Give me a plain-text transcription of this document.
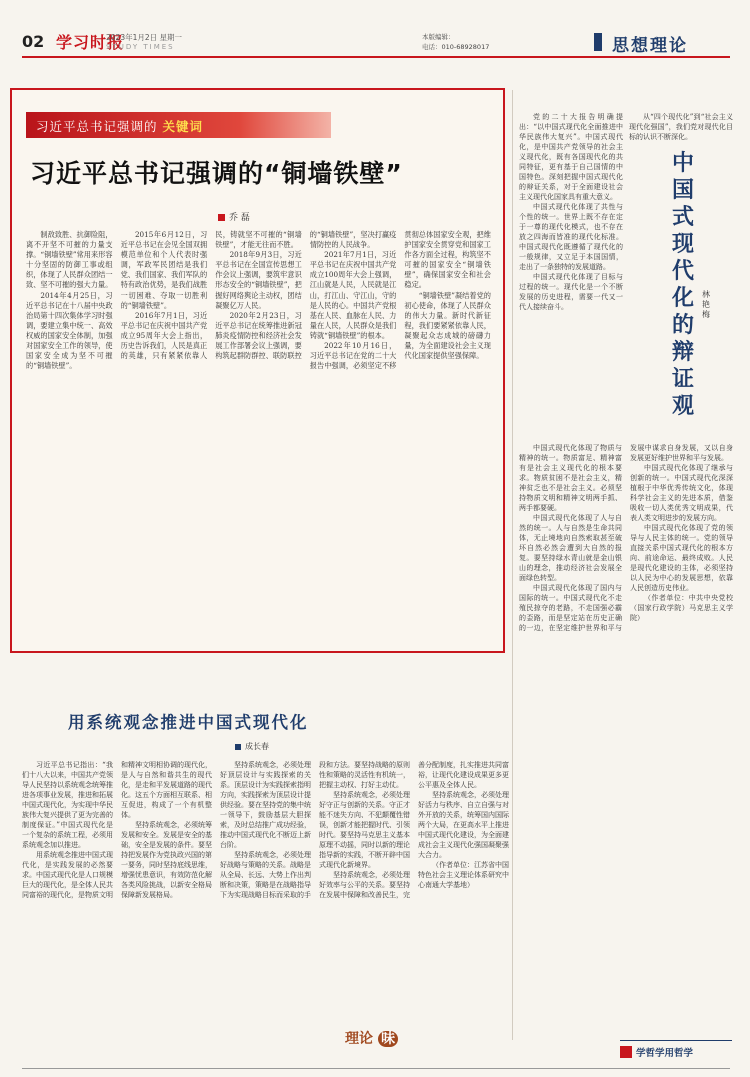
02 学习时报
2023年1月2日 星期一
STUDY TIMES
本版编辑：
电话：010-68928017	思想理论
习近平总书记强调的 关键词
习近平总书记强调的“铜墙铁壁”
乔 磊

制敌致胜、抗御险阻，离不开坚不可摧的力量支撑。“铜墙铁壁”常用来形容十分坚固的防御工事或组织，体现了人民群众团结一致、坚不可摧的强大力量。

2014年4月25日，习近平总书记在十八届中央政治局第十四次集体学习时强调，要建立集中统一、高效权威的国家安全体制，加强对国家安全工作的领导，使国家安全成为坚不可摧的“铜墙铁壁”。

2015年6月12日，习近平总书记在会见全国双拥模范单位和个人代表时强调，军政军民团结是我们党、我们国家、我们军队的特有政治优势，是我们战胜一切困难、夺取一切胜利的“铜墙铁壁”。

2016年7月1日，习近平总书记在庆祝中国共产党成立95周年大会上指出，历史告诉我们，人民是真正的英雄，只有紧紧依靠人民，铸就坚不可摧的“铜墙铁壁”，才能无往而不胜。

2018年9月3日，习近平总书记在全国宣传思想工作会议上强调，要筑牢意识形态安全的“铜墙铁壁”，把握好网络舆论主动权，团结凝聚亿万人民。

2020年2月23日，习近平总书记在统筹推进新冠肺炎疫情防控和经济社会发展工作部署会议上强调，要构筑起群防群控、联防联控的“铜墙铁壁”，坚决打赢疫情防控的人民战争。

2021年7月1日，习近平总书记在庆祝中国共产党成立100周年大会上强调，江山就是人民，人民就是江山，打江山、守江山，守的是人民的心。中国共产党根基在人民、血脉在人民、力量在人民，人民群众是我们铸就“铜墙铁壁”的根本。

2022年10月16日，习近平总书记在党的二十大报告中强调，必须坚定不移贯彻总体国家安全观，把维护国家安全贯穿党和国家工作各方面全过程，构筑坚不可摧的国家安全“铜墙铁壁”，确保国家安全和社会稳定。

“铜墙铁壁”凝结着党的初心使命，体现了人民群众的伟大力量。新时代新征程，我们要紧紧依靠人民，凝聚起众志成城的磅礴力量，为全面建设社会主义现代化国家提供坚强保障。

党的二十大报告明确提出：“以中国式现代化全面推进中华民族伟大复兴”。中国式现代化，是中国共产党领导的社会主义现代化，既有各国现代化的共同特征，更有基于自己国情的中国特色。深刻把握中国式现代化的辩证关系，对于全面建设社会主义现代化国家具有重大意义。

中国式现代化体现了共性与个性的统一。世界上既不存在定于一尊的现代化模式，也不存在放之四海而皆准的现代化标准。中国式现代化既遵循了现代化的一般规律，又立足于本国国情，走出了一条独特的发展道路。

中国式现代化体现了目标与过程的统一。现代化是一个不断发展的历史进程，需要一代又一代人接续奋斗。

从“四个现代化”到“社会主义现代化强国”，我们党对现代化目标的认识不断深化。

中国式现代化的辩证观
林艳梅

中国式现代化体现了物质与精神的统一。物质富足、精神富有是社会主义现代化的根本要求。物质贫困不是社会主义，精神贫乏也不是社会主义。必须坚持物质文明和精神文明两手抓、两手都要硬。

中国式现代化体现了人与自然的统一。人与自然是生命共同体，无止境地向自然索取甚至破坏自然必然会遭到大自然的报复。要坚持绿水青山就是金山银山的理念，推动经济社会发展全面绿色转型。

中国式现代化体现了国内与国际的统一。中国式现代化不走殖民掠夺的老路，不走国强必霸的歪路，而是坚定站在历史正确的一边，在坚定维护世界和平与发展中谋求自身发展，又以自身发展更好维护世界和平与发展。

中国式现代化体现了继承与创新的统一。中国式现代化深深植根于中华优秀传统文化，体现科学社会主义的先进本质，借鉴吸收一切人类优秀文明成果，代表人类文明进步的发展方向。

中国式现代化体现了党的领导与人民主体的统一。党的领导直接关系中国式现代化的根本方向、前途命运、最终成败。人民是现代化建设的主体，必须坚持以人民为中心的发展思想，依靠人民创造历史伟业。

（作者单位：中共中央党校（国家行政学院）马克思主义学院）

用系统观念推进中国式现代化
成长春

习近平总书记指出：“我们十八大以来，中国共产党领导人民坚持以系统观念统筹推进各项事业发展，推进和拓展中国式现代化，为实现中华民族伟大复兴提供了更为完善的制度保证。”中国式现代化是一个复杂的系统工程，必须用系统观念加以推进。

用系统观念推进中国式现代化，是实践发展的必然要求。中国式现代化是人口规模巨大的现代化，是全体人民共同富裕的现代化，是物质文明和精神文明相协调的现代化，是人与自然和谐共生的现代化，是走和平发展道路的现代化。这五个方面相互联系、相互促进，构成了一个有机整体。

坚持系统观念，必须统筹发展和安全。发展是安全的基础，安全是发展的条件。要坚持把发展作为党执政兴国的第一要务，同时坚持底线思维，增强忧患意识，有效防范化解各类风险挑战，以新安全格局保障新发展格局。

坚持系统观念，必须处理好顶层设计与实践探索的关系。顶层设计为实践探索指明方向，实践探索为顶层设计提供经验。要在坚持党的集中统一领导下，鼓励基层大胆探索，及时总结推广成功经验，推动中国式现代化不断迈上新台阶。

坚持系统观念，必须处理好战略与策略的关系。战略是从全局、长远、大势上作出判断和决策，策略是在战略指导下为实现战略目标而采取的手段和方法。要坚持战略的原则性和策略的灵活性有机统一，把握主动权、打好主动仗。

坚持系统观念，必须处理好守正与创新的关系。守正才能不迷失方向、不犯颠覆性错误，创新才能把握时代、引领时代。要坚持马克思主义基本原理不动摇，同时以新的理论指导新的实践，不断开辟中国式现代化新境界。

坚持系统观念，必须处理好效率与公平的关系。要坚持在发展中保障和改善民生，完善分配制度，扎实推进共同富裕，让现代化建设成果更多更公平惠及全体人民。

坚持系统观念，必须处理好活力与秩序、自立自强与对外开放的关系，统筹国内国际两个大局，在更高水平上推进中国式现代化建设，为全面建成社会主义现代化强国凝聚强大合力。

（作者单位：江苏省中国特色社会主义理论体系研究中心南通大学基地）

理论 味
学哲学用哲学
